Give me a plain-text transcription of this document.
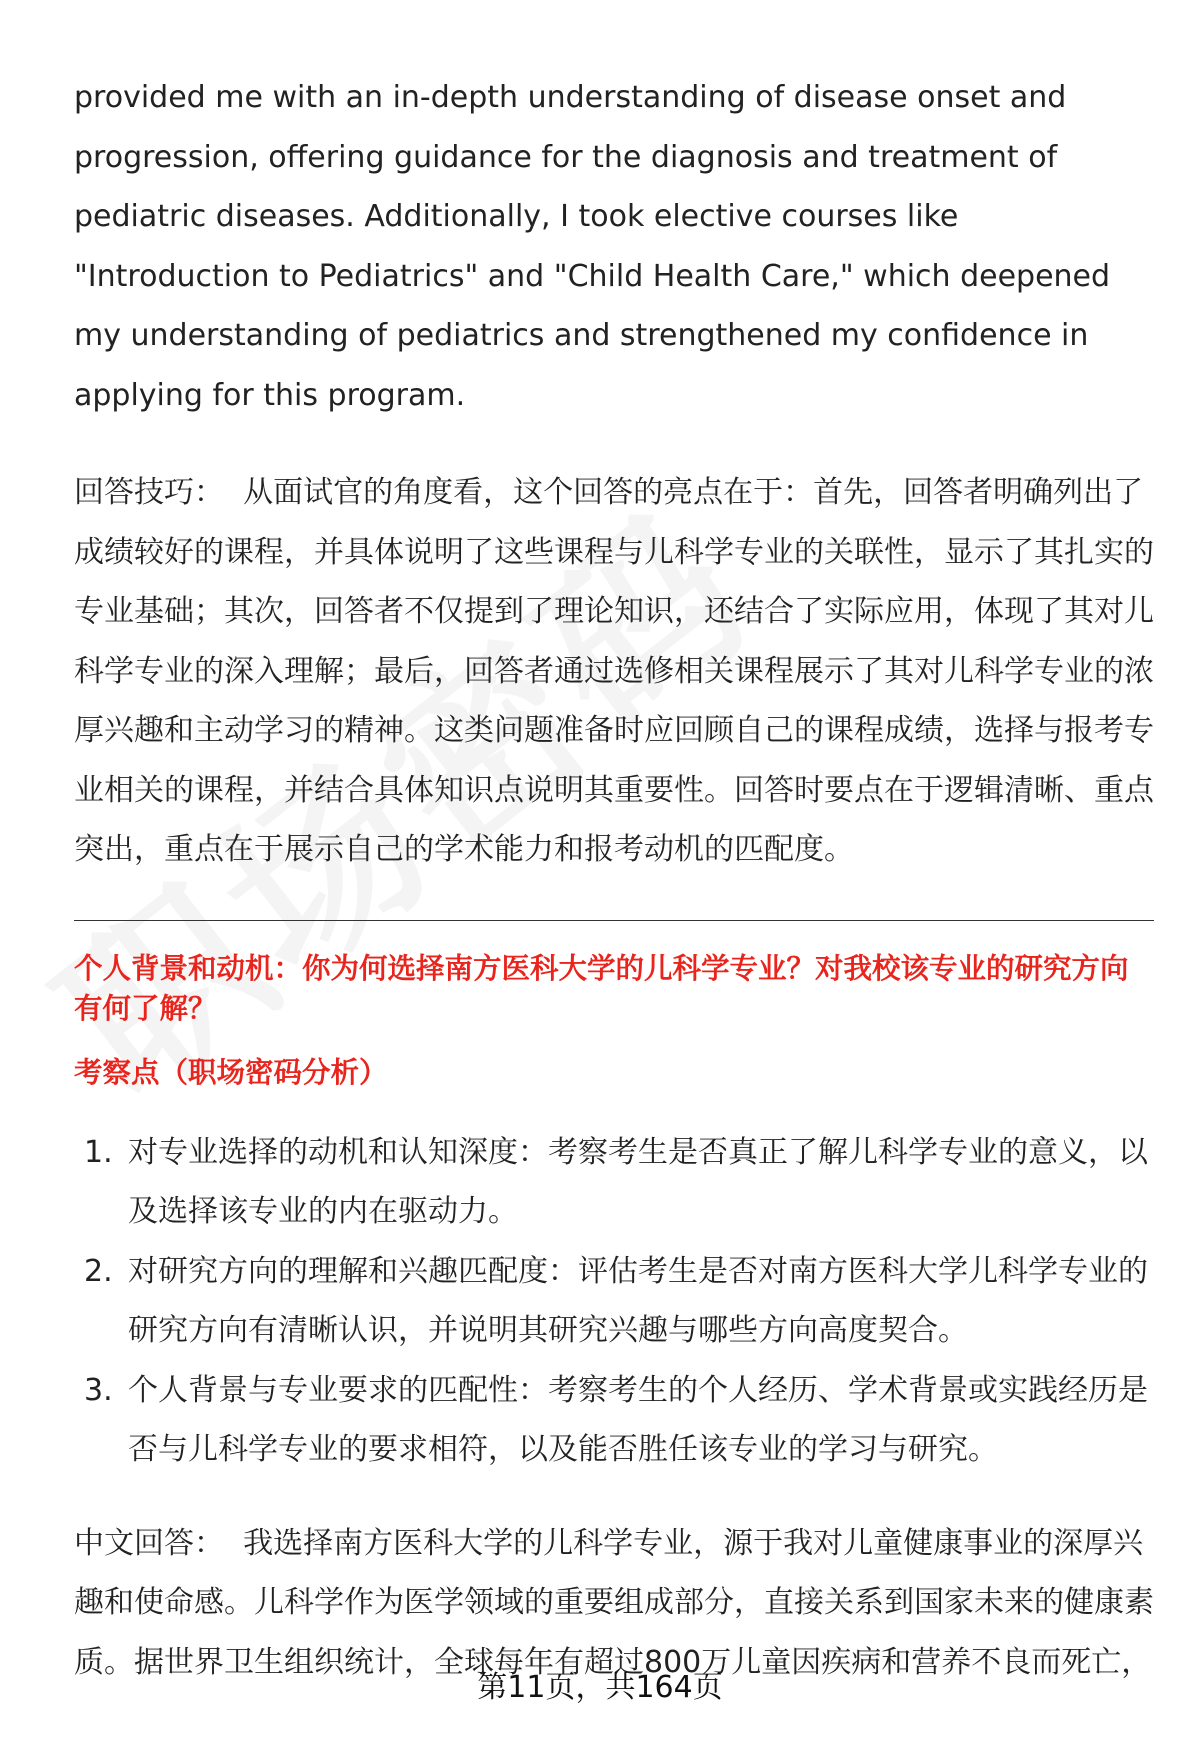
provided me with an in-depth understanding of disease onset and progression, offering guidance for the diagnosis and treatment of pediatric diseases. Additionally, I took elective courses like "Introduction to Pediatrics" and "Child Health Care," which deepened my understanding of pediatrics and strengthened my confidence in applying for this program.

回答技巧： 从面试官的角度看，这个回答的亮点在于：首先，回答者明确列出了成绩较好的课程，并具体说明了这些课程与儿科学专业的关联性，显示了其扎实的专业基础；其次，回答者不仅提到了理论知识，还结合了实际应用，体现了其对儿科学专业的深入理解；最后，回答者通过选修相关课程展示了其对儿科学专业的浓厚兴趣和主动学习的精神。这类问题准备时应回顾自己的课程成绩，选择与报考专业相关的课程，并结合具体知识点说明其重要性。回答时要点在于逻辑清晰、重点突出，重点在于展示自己的学术能力和报考动机的匹配度。

个人背景和动机：你为何选择南方医科大学的儿科学专业？对我校该专业的研究方向有何了解？

考察点（职场密码分析）

1. 对专业选择的动机和认知深度：考察考生是否真正了解儿科学专业的意义，以及选择该专业的内在驱动力。
2. 对研究方向的理解和兴趣匹配度：评估考生是否对南方医科大学儿科学专业的研究方向有清晰认识，并说明其研究兴趣与哪些方向高度契合。
3. 个人背景与专业要求的匹配性：考察考生的个人经历、学术背景或实践经历是否与儿科学专业的要求相符，以及能否胜任该专业的学习与研究。

中文回答： 我选择南方医科大学的儿科学专业，源于我对儿童健康事业的深厚兴趣和使命感。儿科学作为医学领域的重要组成部分，直接关系到国家未来的健康素质。据世界卫生组织统计，全球每年有超过800万儿童因疾病和营养不良而死亡，

第11页，共164页
